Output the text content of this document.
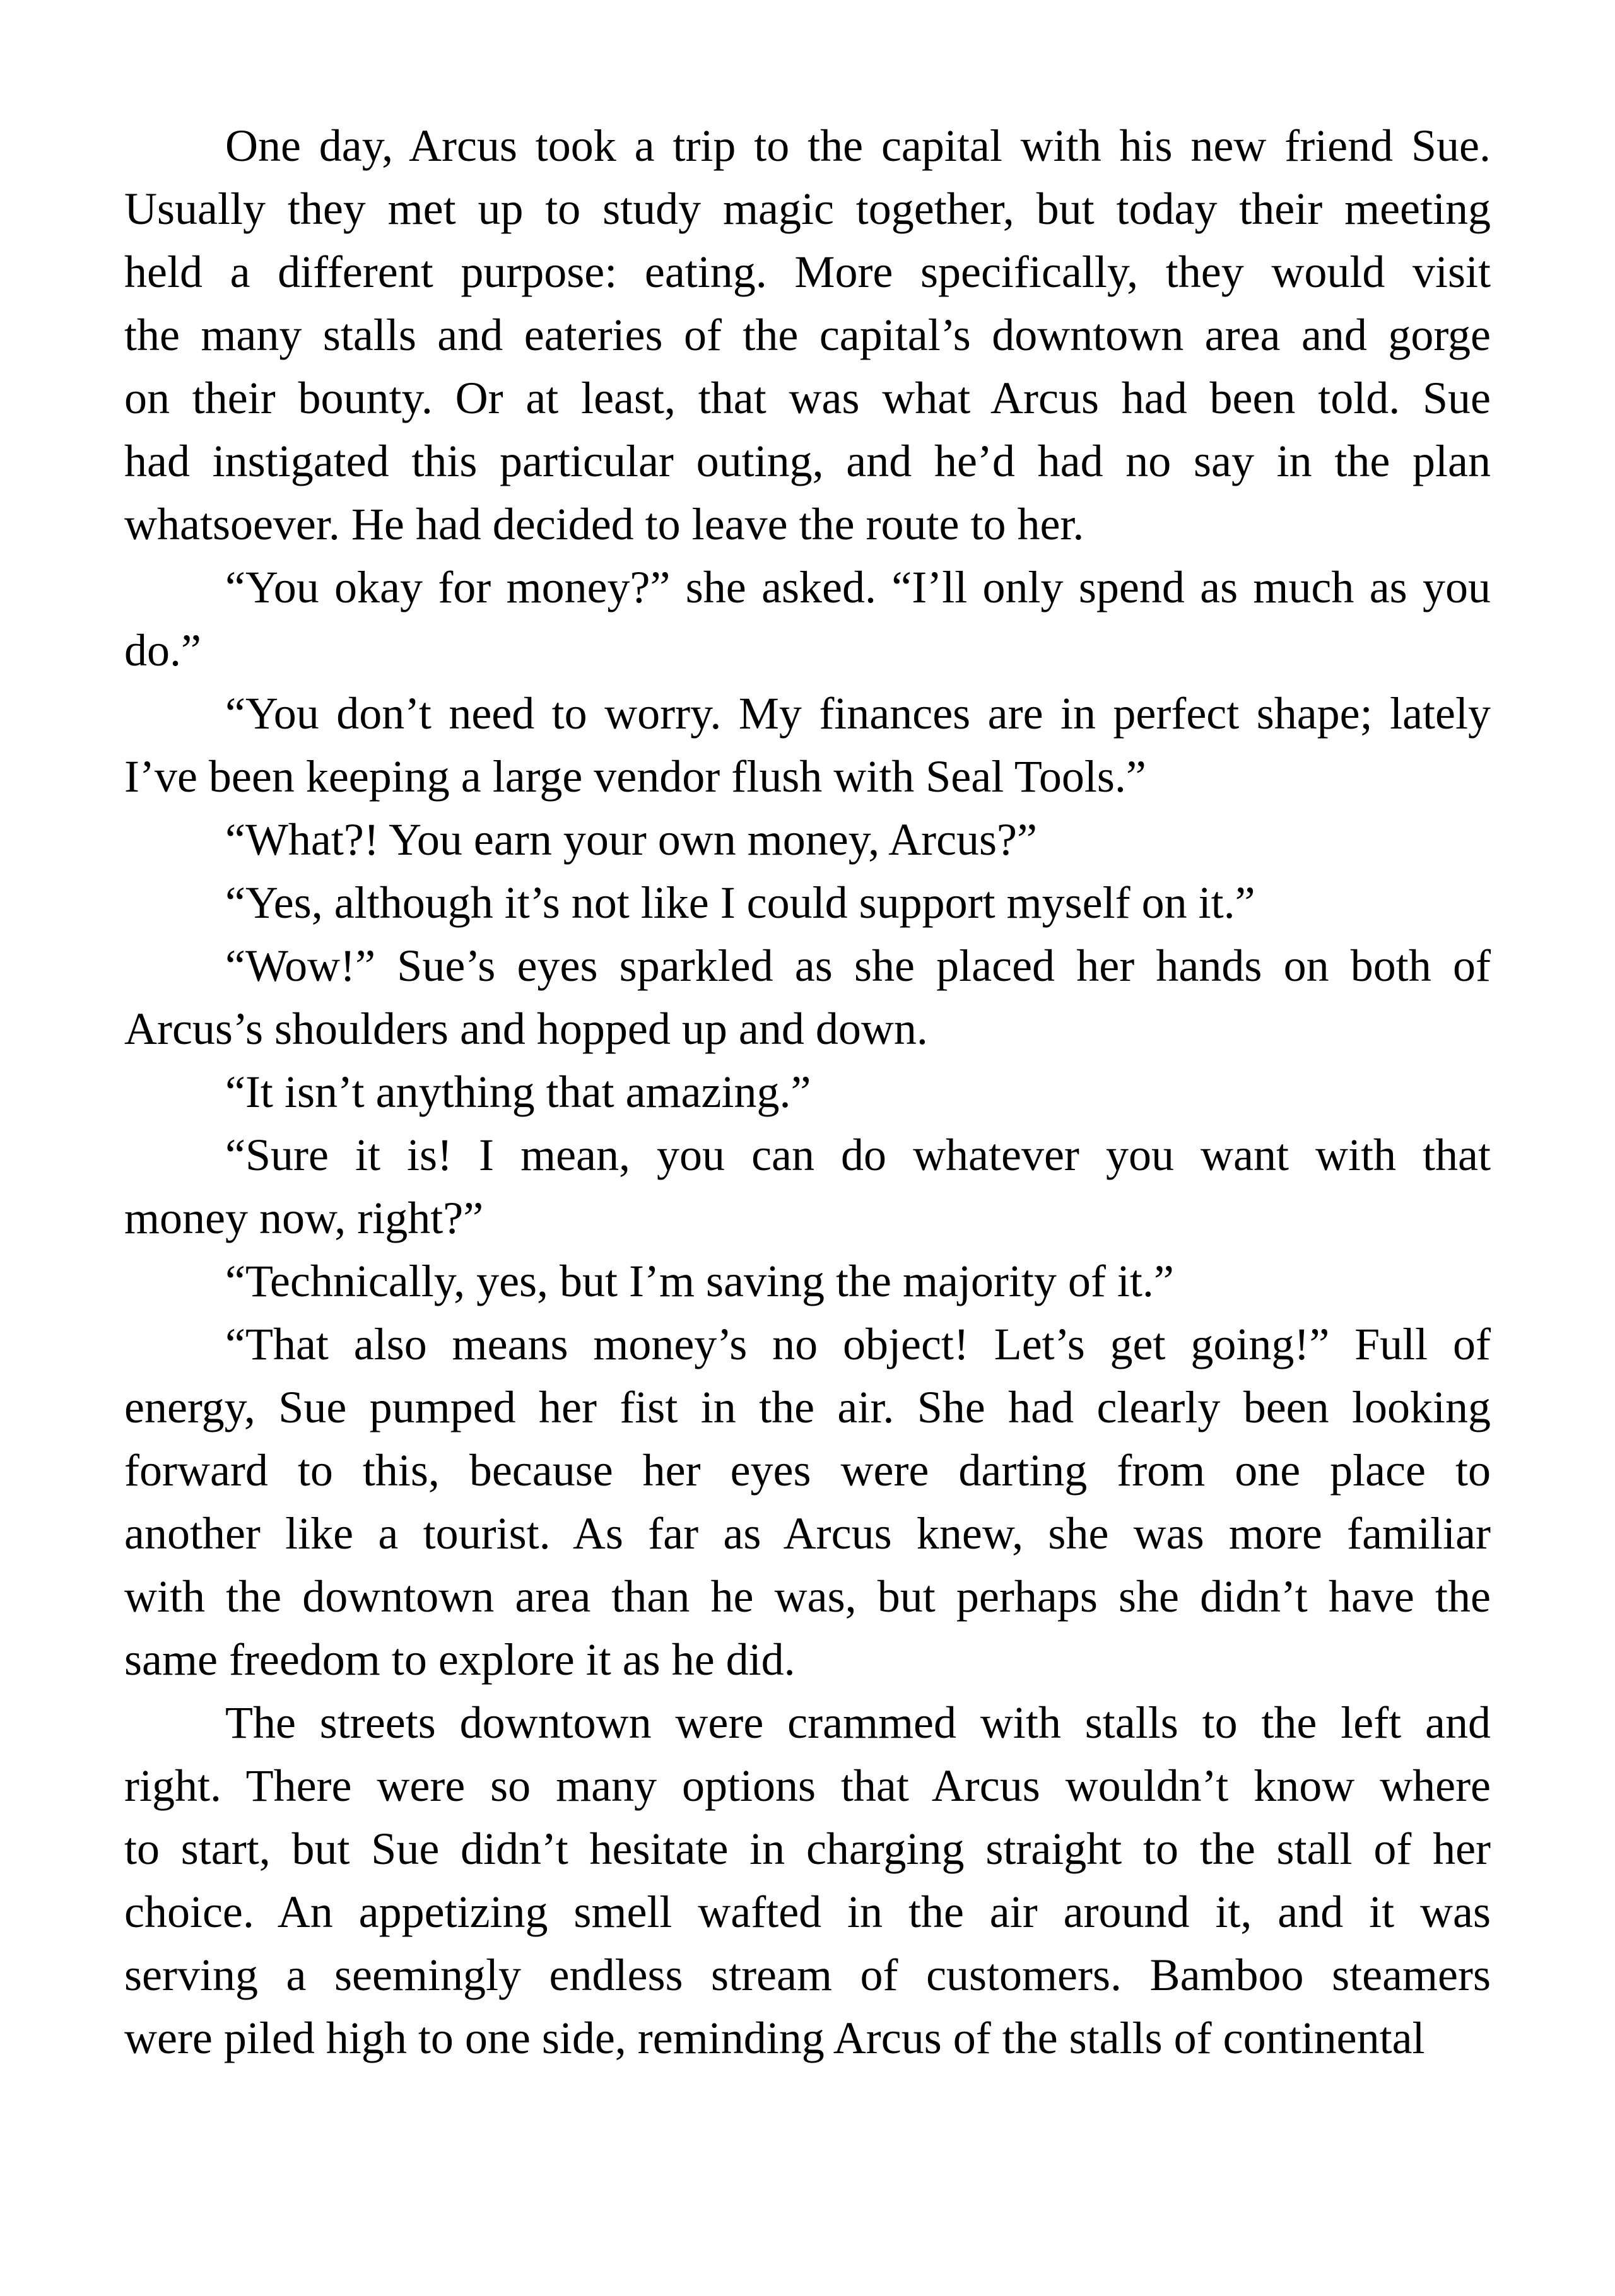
One day, Arcus took a trip to the capital with his new friend Sue.
Usually they met up to study magic together, but today their meeting
held a different purpose: eating. More specifically, they would visit
the many stalls and eateries of the capital’s downtown area and gorge
on their bounty. Or at least, that was what Arcus had been told. Sue
had instigated this particular outing, and he’d had no say in the plan
whatsoever. He had decided to leave the route to her.
“You okay for money?” she asked. “I’ll only spend as much as you
do.”
“You don’t need to worry. My finances are in perfect shape; lately
I’ve been keeping a large vendor flush with Seal Tools.”
“What?! You earn your own money, Arcus?”
“Yes, although it’s not like I could support myself on it.”
“Wow!” Sue’s eyes sparkled as she placed her hands on both of
Arcus’s shoulders and hopped up and down.
“It isn’t anything that amazing.”
“Sure it is! I mean, you can do whatever you want with that
money now, right?”
“Technically, yes, but I’m saving the majority of it.”
“That also means money’s no object! Let’s get going!” Full of
energy, Sue pumped her fist in the air. She had clearly been looking
forward to this, because her eyes were darting from one place to
another like a tourist. As far as Arcus knew, she was more familiar
with the downtown area than he was, but perhaps she didn’t have the
same freedom to explore it as he did.
The streets downtown were crammed with stalls to the left and
right. There were so many options that Arcus wouldn’t know where
to start, but Sue didn’t hesitate in charging straight to the stall of her
choice. An appetizing smell wafted in the air around it, and it was
serving a seemingly endless stream of customers. Bamboo steamers
were piled high to one side, reminding Arcus of the stalls of continental
